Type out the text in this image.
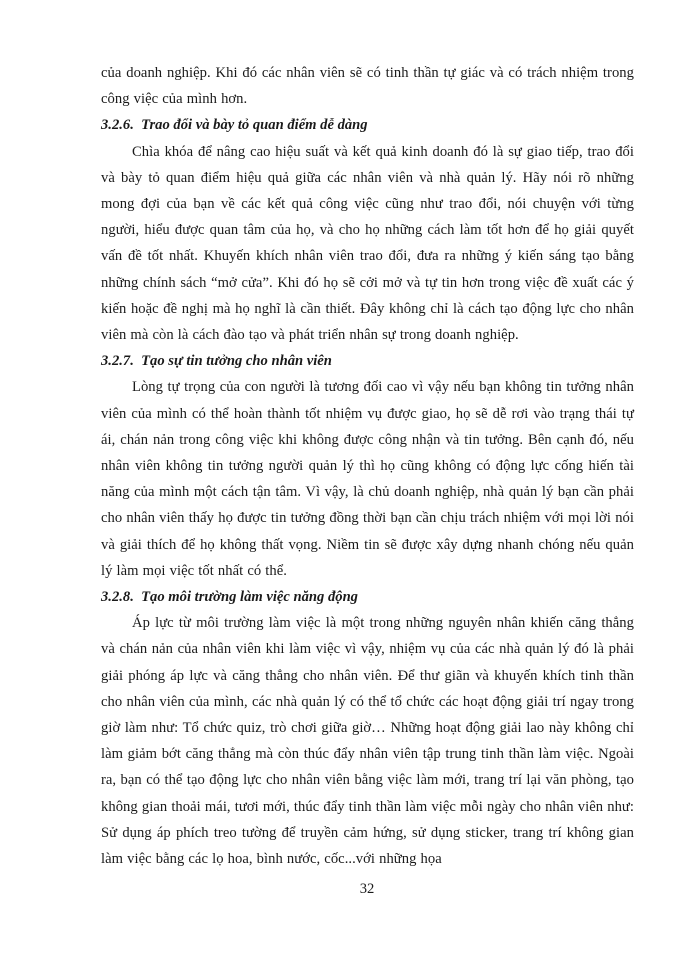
của doanh nghiệp. Khi đó các nhân viên sẽ có tinh thần tự giác và có trách nhiệm trong công việc của mình hơn.

3.2.6.  Trao đổi và bày tỏ quan điểm dễ dàng

Chìa khóa để nâng cao hiệu suất và kết quả kinh doanh đó là sự giao tiếp, trao đổi và bày tỏ quan điểm hiệu quả giữa các nhân viên và nhà quản lý. Hãy nói rõ những mong đợi của bạn về các kết quả công việc cũng như trao đổi, nói chuyện với từng người, hiểu được quan tâm của họ, và cho họ những cách làm tốt hơn để họ giải quyết vấn đề tốt nhất. Khuyến khích nhân viên trao đổi, đưa ra những ý kiến sáng tạo bằng những chính sách “mở cửa”. Khi đó họ sẽ cởi mở và tự tin hơn trong việc đề xuất các ý kiến hoặc đề nghị mà họ nghĩ là cần thiết. Đây không chỉ là cách tạo động lực cho nhân viên mà còn là cách đào tạo và phát triển nhân sự trong doanh nghiệp.

3.2.7.  Tạo sự tin tưởng cho nhân viên

Lòng tự trọng của con người là tương đối cao vì vậy nếu bạn không tin tưởng nhân viên của mình có thể hoàn thành tốt nhiệm vụ được giao, họ sẽ dễ rơi vào trạng thái tự ái, chán nản trong công việc khi không được công nhận và tin tưởng. Bên cạnh đó, nếu nhân viên không tin tưởng người quản lý thì họ cũng không có động lực cống hiến tài năng của mình một cách tận tâm. Vì vậy, là chủ doanh nghiệp, nhà quản lý bạn cần phải cho nhân viên thấy họ được tin tưởng đồng thời bạn cần chịu trách nhiệm với mọi lời nói và giải thích để họ không thất vọng. Niềm tin sẽ được xây dựng nhanh chóng nếu quản lý làm mọi việc tốt nhất có thể.

3.2.8.  Tạo môi trường làm việc năng động

Áp lực từ môi trường làm việc là một trong những nguyên nhân khiến căng thẳng và chán nản của nhân viên khi làm việc vì vậy, nhiệm vụ của các nhà quản lý đó là phải giải phóng áp lực và căng thẳng cho nhân viên. Để thư giãn và khuyến khích tinh thần cho nhân viên của mình, các nhà quản lý có thể tổ chức các hoạt động giải trí ngay trong giờ làm như: Tổ chức quiz, trò chơi giữa giờ… Những hoạt động giải lao này không chỉ làm giảm bớt căng thẳng mà còn thúc đẩy nhân viên tập trung tinh thần làm việc. Ngoài ra, bạn có thể tạo động lực cho nhân viên bằng việc làm mới, trang trí lại văn phòng, tạo không gian thoải mái, tươi mới, thúc đẩy tinh thần làm việc mỗi ngày cho nhân viên như: Sử dụng áp phích treo tường để truyền cảm hứng, sử dụng sticker, trang trí không gian làm việc bằng các lọ hoa, bình nước, cốc...với những họa

32
